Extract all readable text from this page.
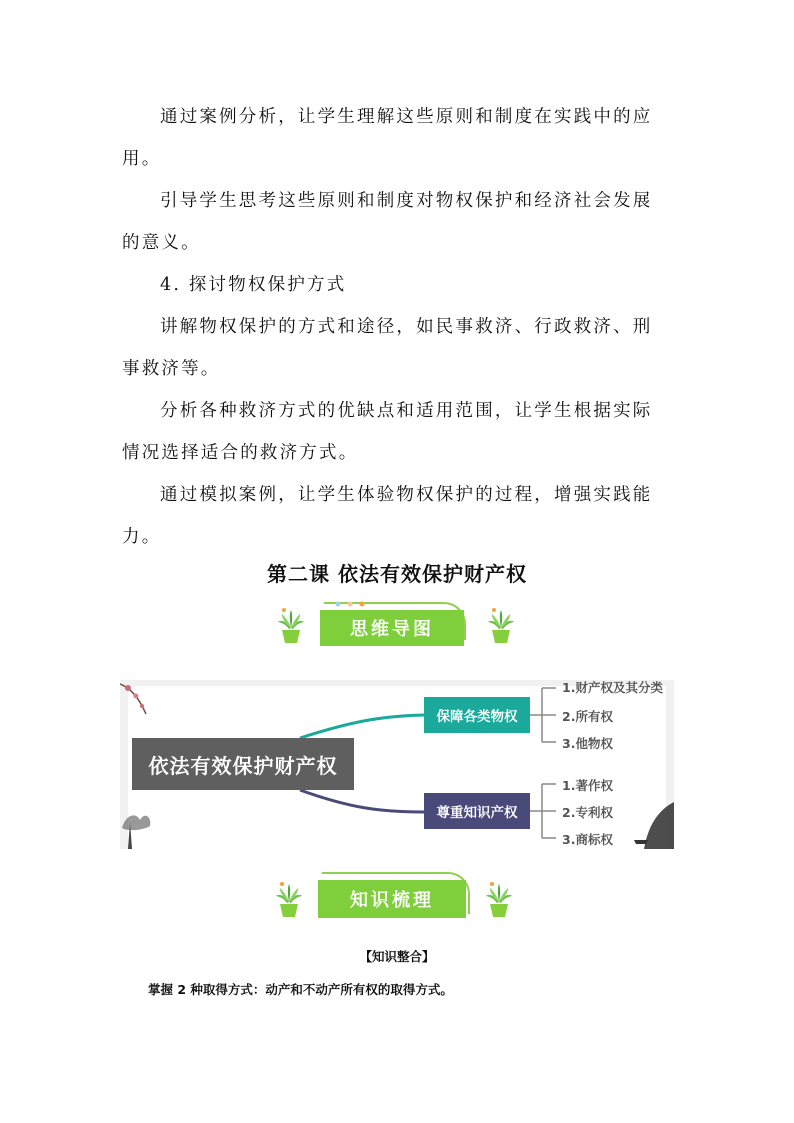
通过案例分析，让学生理解这些原则和制度在实践中的应用。

引导学生思考这些原则和制度对物权保护和经济社会发展的意义。

4. 探讨物权保护方式

讲解物权保护的方式和途径，如民事救济、行政救济、刑事救济等。

分析各种救济方式的优缺点和适用范围，让学生根据实际情况选择适合的救济方式。

通过模拟案例，让学生体验物权保护的过程，增强实践能力。

第二课 依法有效保护财产权
思维导图
依法有效保护财产权
保障各类物权
尊重知识产权
1.财产权及其分类
2.所有权
3.他物权
1.著作权
2.专利权
3.商标权
知识梳理
【知识整合】
掌握 2 种取得方式：动产和不动产所有权的取得方式。
